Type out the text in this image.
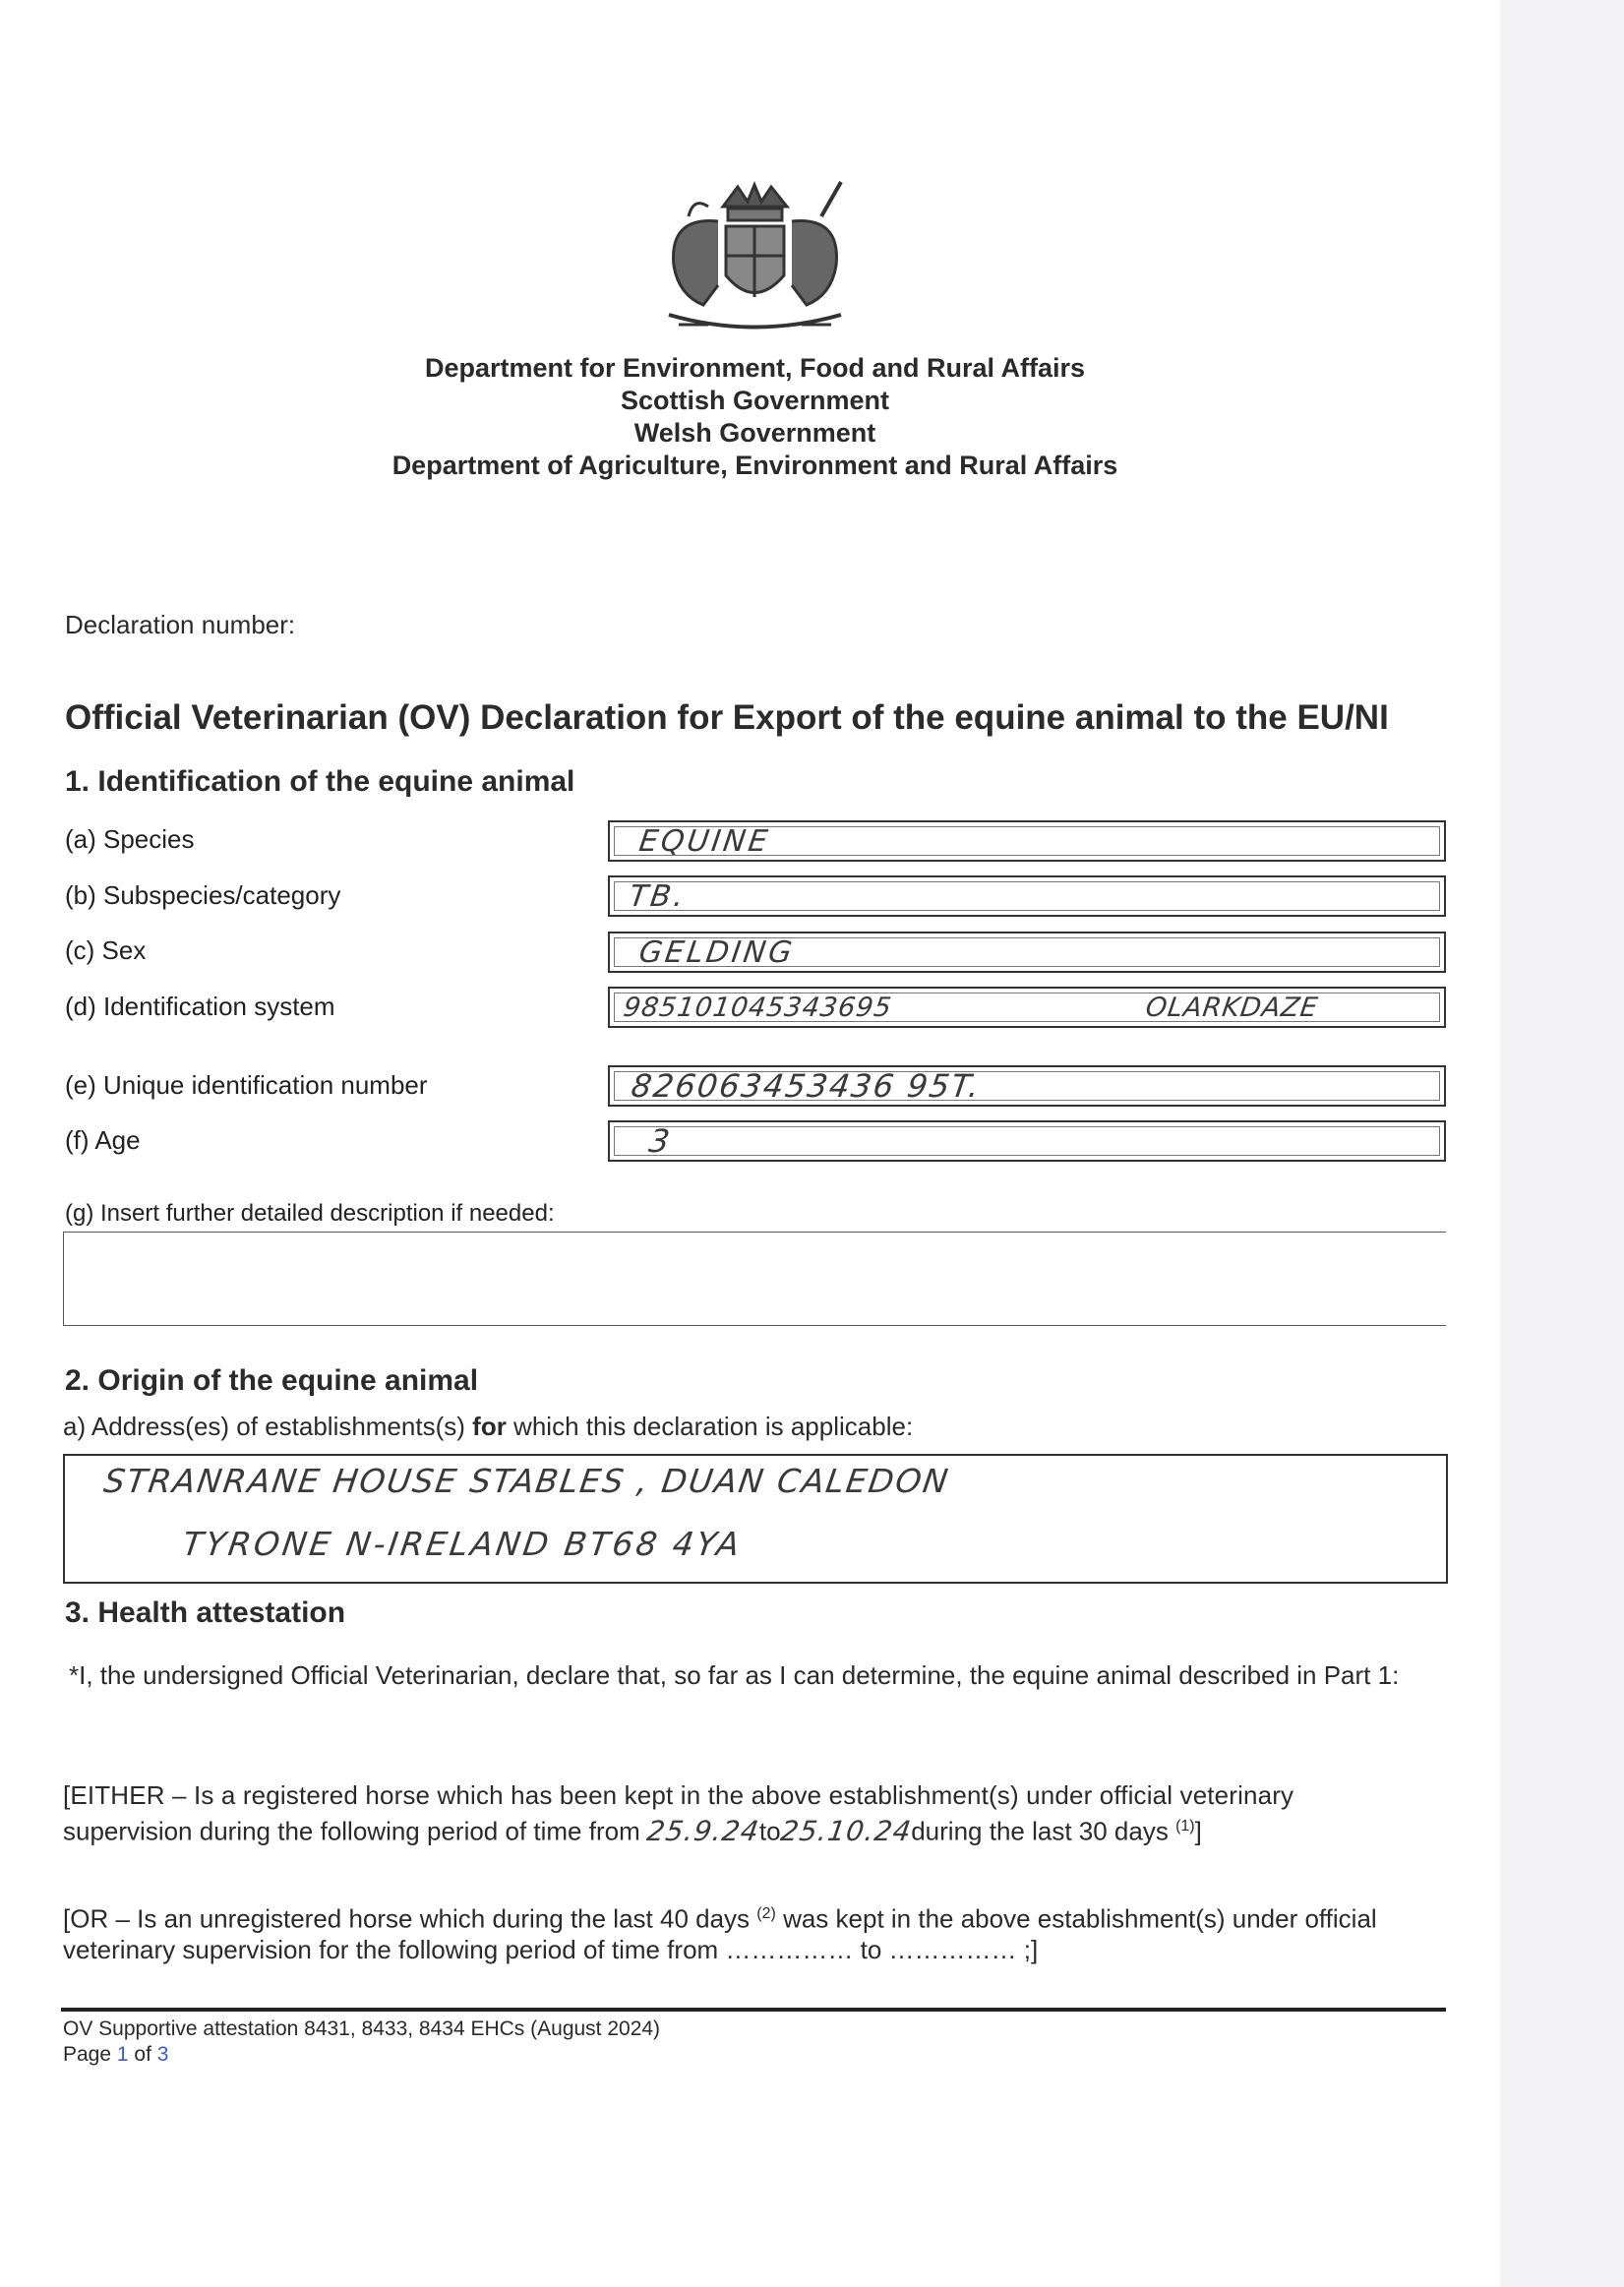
Department for Environment, Food and Rural Affairs
Scottish Government
Welsh Government
Department of Agriculture, Environment and Rural Affairs
Declaration number:
Official Veterinarian (OV) Declaration for Export of the equine animal to the EU/NI
1. Identification of the equine animal
(a) Species	EQUINE
(b) Subspecies/category	TB.
(c) Sex	GELDING
(d) Identification system	985101045343695	OLARKDAZE
(e) Unique identification number	826063453436 95T.
(f) Age	3
(g) Insert further detailed description if needed:
2. Origin of the equine animal
a) Address(es) of establishments(s) for which this declaration is applicable:
STRANRANE HOUSE STABLES , DUAN CALEDON
TYRONE N-IRELAND BT68 4YA
3. Health attestation
*I, the undersigned Official Veterinarian, declare that, so far as I can determine, the equine animal described in Part 1:
[EITHER – Is a registered horse which has been kept in the above establishment(s) under official veterinary
supervision during the following period of time from 25.9.24to25.10.24during the last 30 days $^{(1)}$]
[OR – Is an unregistered horse which during the last 40 days $^{(2)}$ was kept in the above establishment(s) under official
veterinary supervision for the following period of time from …………… to …………… ;]
OV Supportive attestation 8431, 8433, 8434 EHCs (August 2024)
Page 1 of 3
